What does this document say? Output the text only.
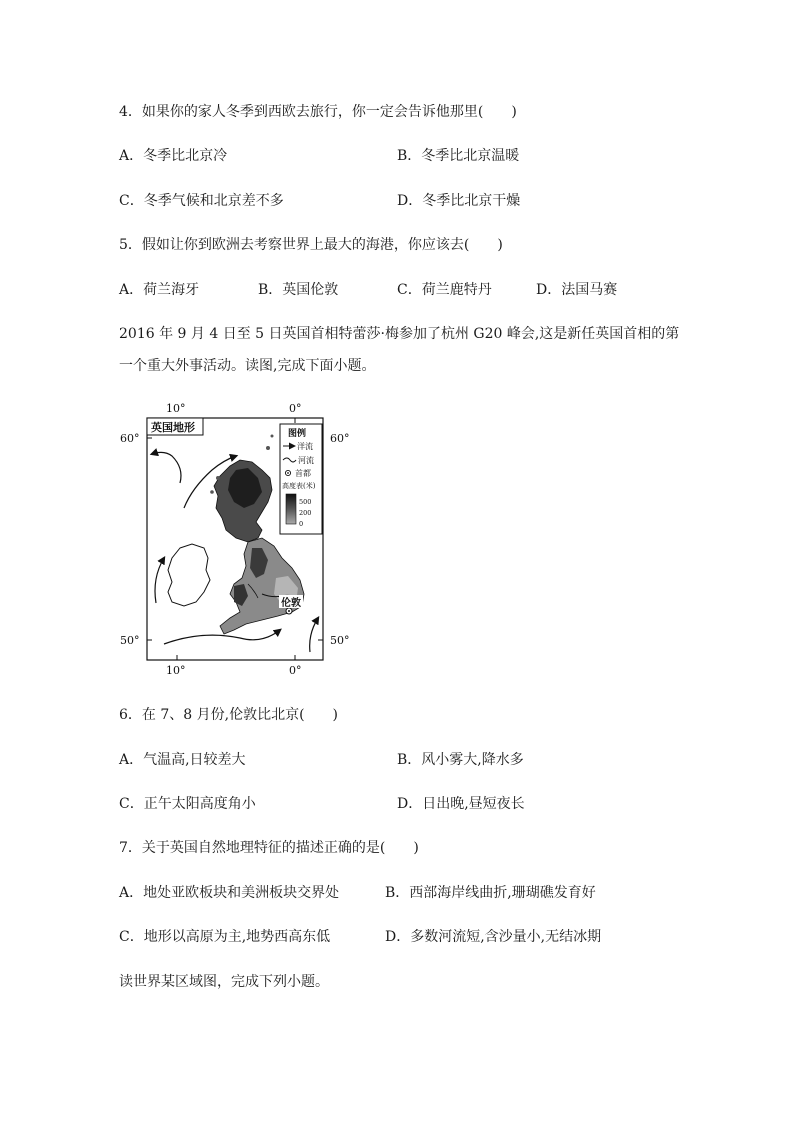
4．如果你的家人冬季到西欧去旅行，你一定会告诉他那里(　　)
A．冬季比北京冷	B．冬季比北京温暖
C．冬季气候和北京差不多	D．冬季比北京干燥
5．假如让你到欧洲去考察世界上最大的海港，你应该去(　　)
A．荷兰海牙	B．英国伦敦	C．荷兰鹿特丹	D．法国马赛
2016 年 9 月 4 日至 5 日英国首相特蕾莎·梅参加了杭州 G20 峰会,这是新任英国首相的第
一个重大外事活动。读图,完成下面小题。
10°	0°
10°	0°
60°	60°
50°	50°
英国地形
伦敦
图例
洋流
河流
首都
高度表(米)
500
200
0
6．在 7、8 月份,伦敦比北京(　　)
A．气温高,日较差大	B．风小雾大,降水多
C．正午太阳高度角小	D．日出晚,昼短夜长
7．关于英国自然地理特征的描述正确的是(　　)
A．地处亚欧板块和美洲板块交界处	B．西部海岸线曲折,珊瑚礁发育好
C．地形以高原为主,地势西高东低	D．多数河流短,含沙量小,无结冰期
读世界某区域图，完成下列小题。
